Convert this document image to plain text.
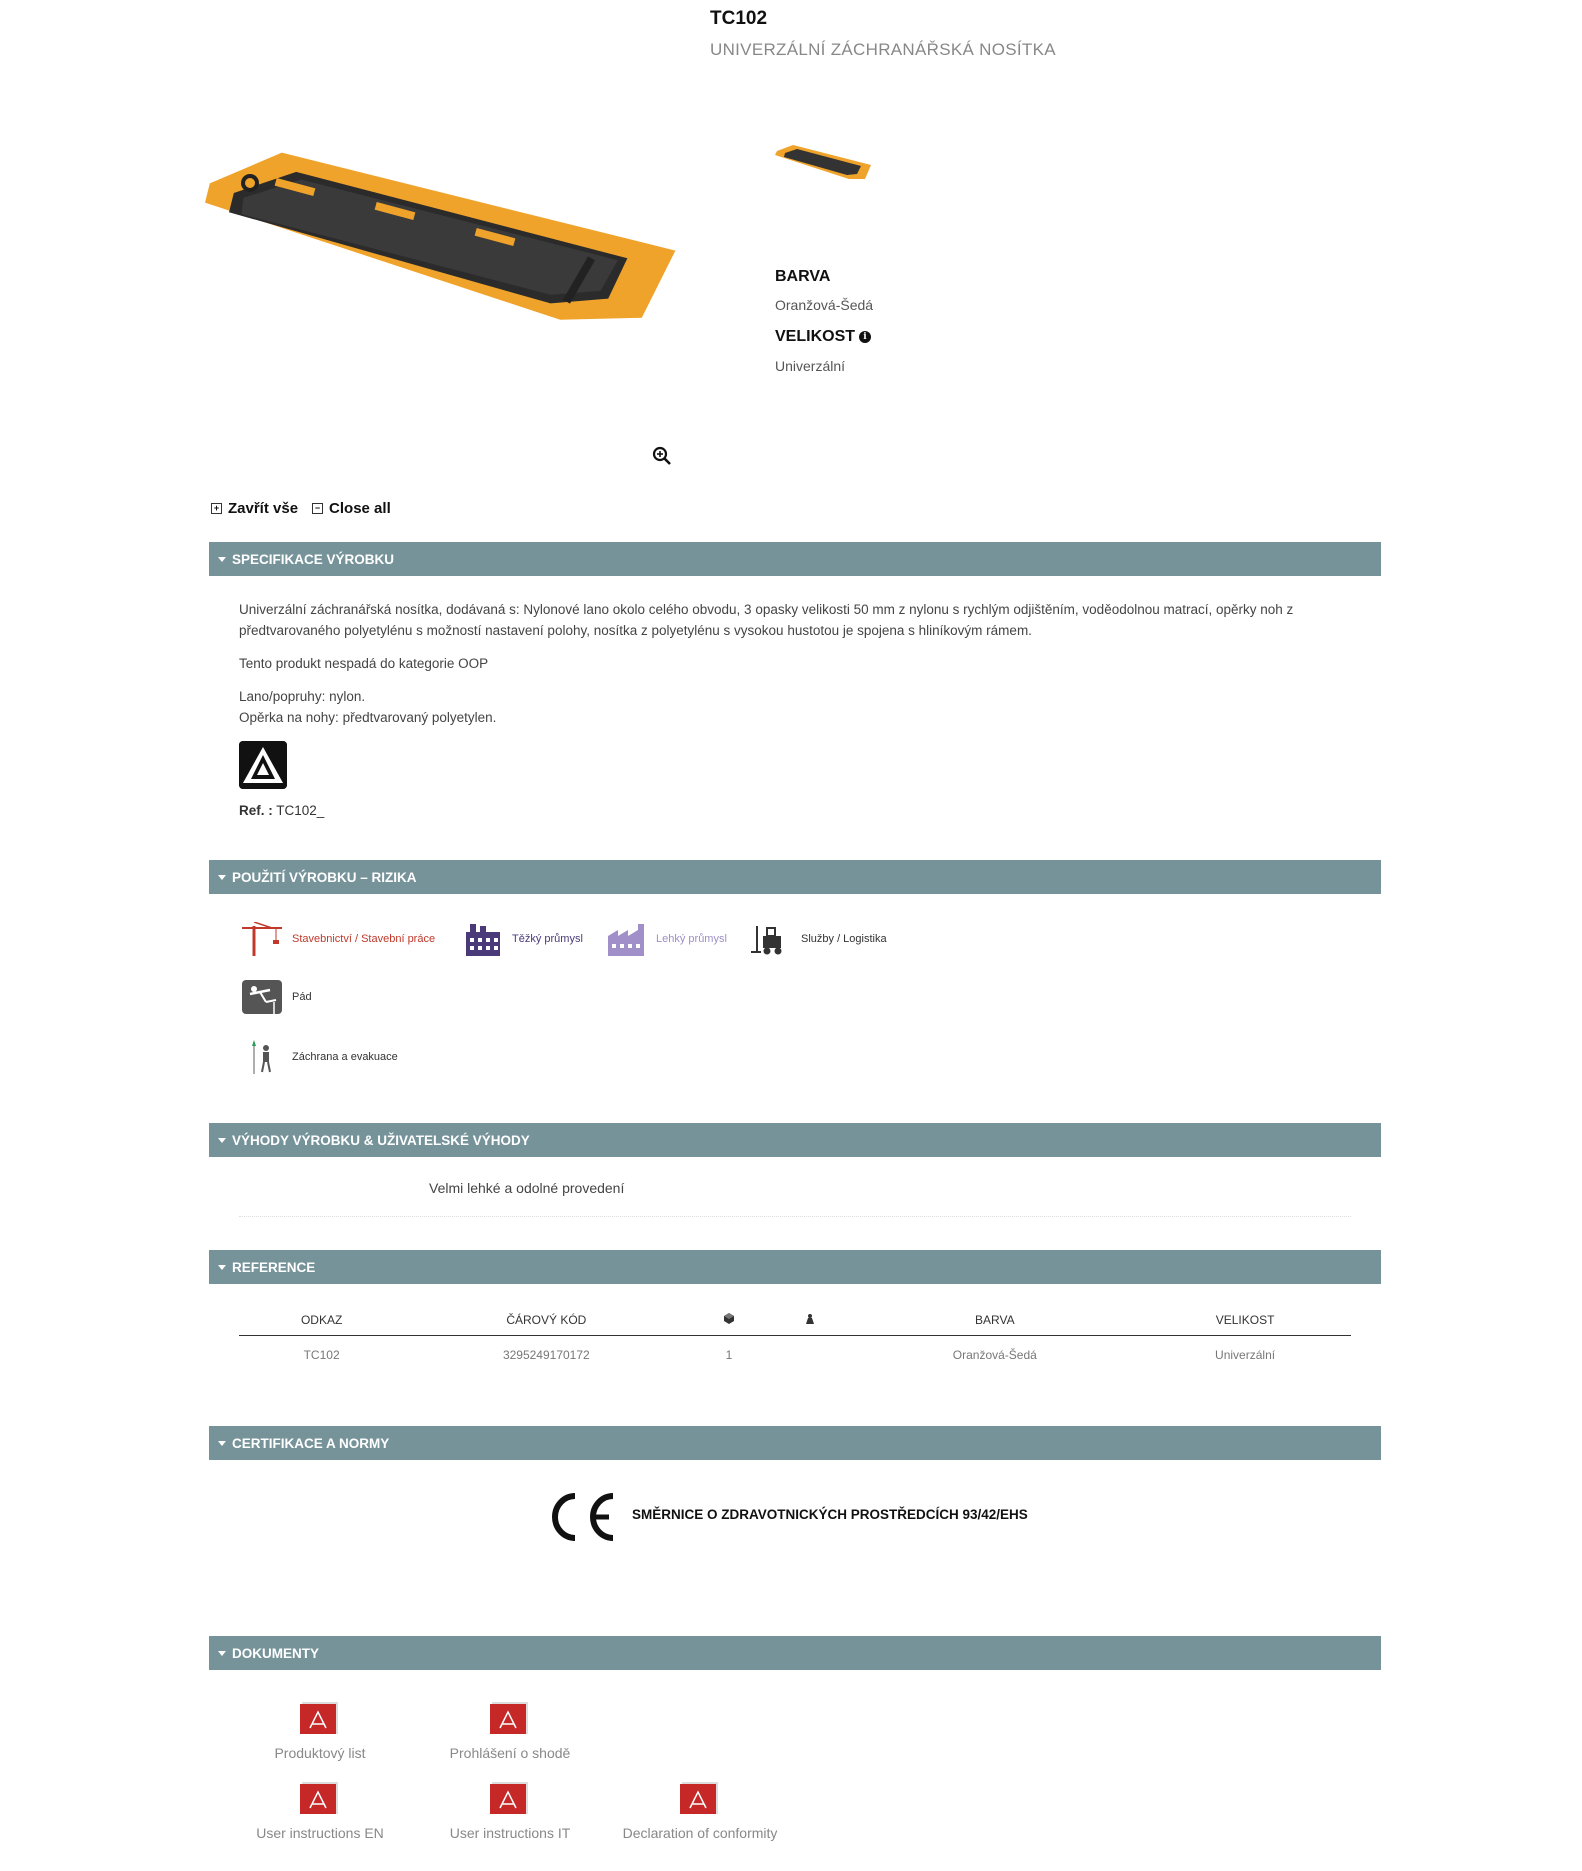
TC102
UNIVERZÁLNÍ ZÁCHRANÁŘSKÁ NOSÍTKA
BARVA
Oranžová-Šedá
VELIKOST i
Univerzální
+ Zavřít vše	− Close all
SPECIFIKACE VÝROBKU
Univerzální záchranářská nosítka, dodávaná s: Nylonové lano okolo celého obvodu, 3 opasky velikosti 50 mm z nylonu s rychlým odjištěním, voděodolnou matrací, opěrky noh z předtvarovaného polyetylénu s možností nastavení polohy, nosítka z polyetylénu s vysokou hustotou je spojena s hliníkovým rámem.
Tento produkt nespadá do kategorie OOP
Lano/popruhy: nylon.
Opěrka na nohy: předtvarovaný polyetylen.
Ref. : TC102_
POUŽITÍ VÝROBKU – RIZIKA
Stavebnictví / Stavební práce	Těžký průmysl	Lehký průmysl	Služby / Logistika
Pád
Záchrana a evakuace
VÝHODY VÝROBKU & UŽIVATELSKÉ VÝHODY
Velmi lehké a odolné provedení
REFERENCE
ODKAZ	ČÁROVÝ KÓD			BARVA	VELIKOST
TC102	3295249170172	1		Oranžová-Šedá	Univerzální
CERTIFIKACE A NORMY
SMĚRNICE O ZDRAVOTNICKÝCH PROSTŘEDCÍCH 93/42/EHS
DOKUMENTY
Produktový list	Prohlášení o shodě
User instructions EN	User instructions IT	Declaration of conformity
